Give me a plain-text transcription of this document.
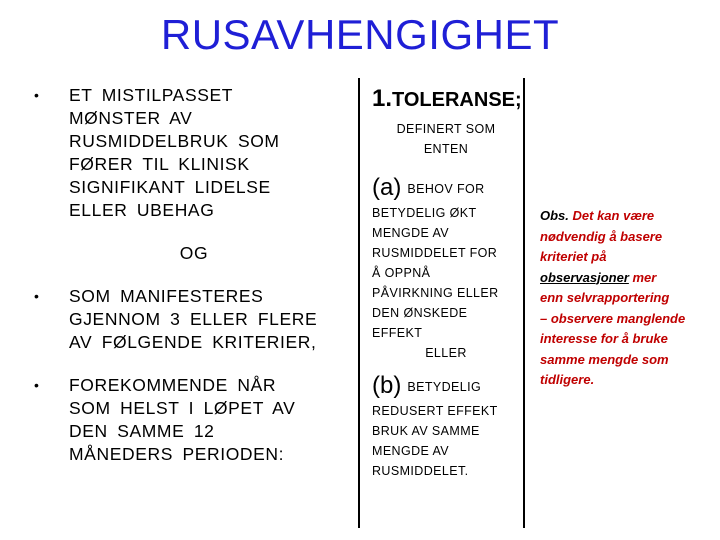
RUSAVHENGIGHET
•	ET MISTILPASSET
MØNSTER AV
RUSMIDDELBRUK SOM
FØRER TIL KLINISK
SIGNIFIKANT LIDELSE
ELLER UBEHAG
OG
•	SOM MANIFESTERES
GJENNOM 3 ELLER FLERE
AV FØLGENDE KRITERIER,
•	FOREKOMMENDE NÅR
SOM HELST I LØPET AV
DEN SAMME 12
MÅNEDERS PERIODEN:
1.TOLERANSE;
DEFINERT SOM
ENTEN
(a) BEHOV FOR
BETYDELIG ØKT
MENGDE AV
RUSMIDDELET FOR
Å OPPNÅ
PÅVIRKNING ELLER
DEN ØNSKEDE
EFFEKT
ELLER
(b) BETYDELIG
REDUSERT EFFEKT
BRUK AV SAMME
MENGDE AV
RUSMIDDELET.
Obs. Det kan være
nødvendig å basere
kriteriet på
observasjoner mer
enn selvrapportering
– observere manglende
interesse for å bruke
samme mengde som
tidligere.
